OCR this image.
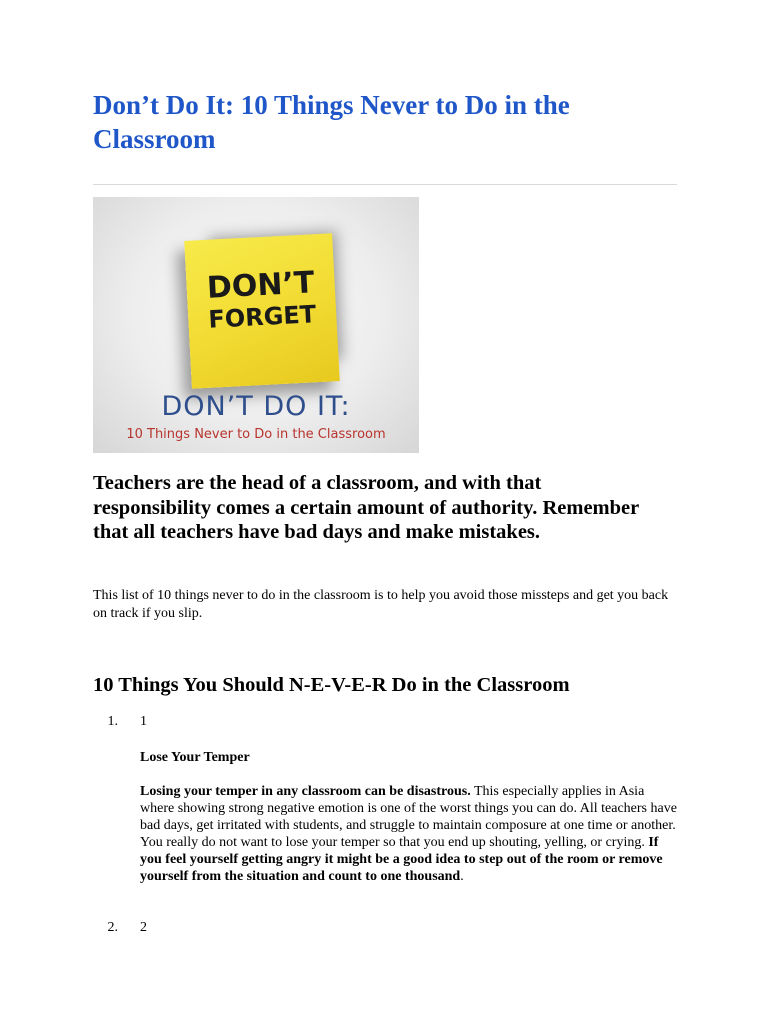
Don’t Do It: 10 Things Never to Do in the Classroom
DON’T
FORGET
DON’T DO IT:
10 Things Never to Do in the Classroom

Teachers are the head of a classroom, and with that responsibility comes a certain amount of authority. Remember that all teachers have bad days and make mistakes.

This list of 10 things never to do in the classroom is to help you avoid those missteps and get you back on track if you slip.

10 Things You Should N-E-V-E-R Do in the Classroom
1. 1
Lose Your Temper

Losing your temper in any classroom can be disastrous. This especially applies in Asia where showing strong negative emotion is one of the worst things you can do. All teachers have bad days, get irritated with students, and struggle to maintain composure at one time or another. You really do not want to lose your temper so that you end up shouting, yelling, or crying. If you feel yourself getting angry it might be a good idea to step out of the room or remove yourself from the situation and count to one thousand.

2. 2
